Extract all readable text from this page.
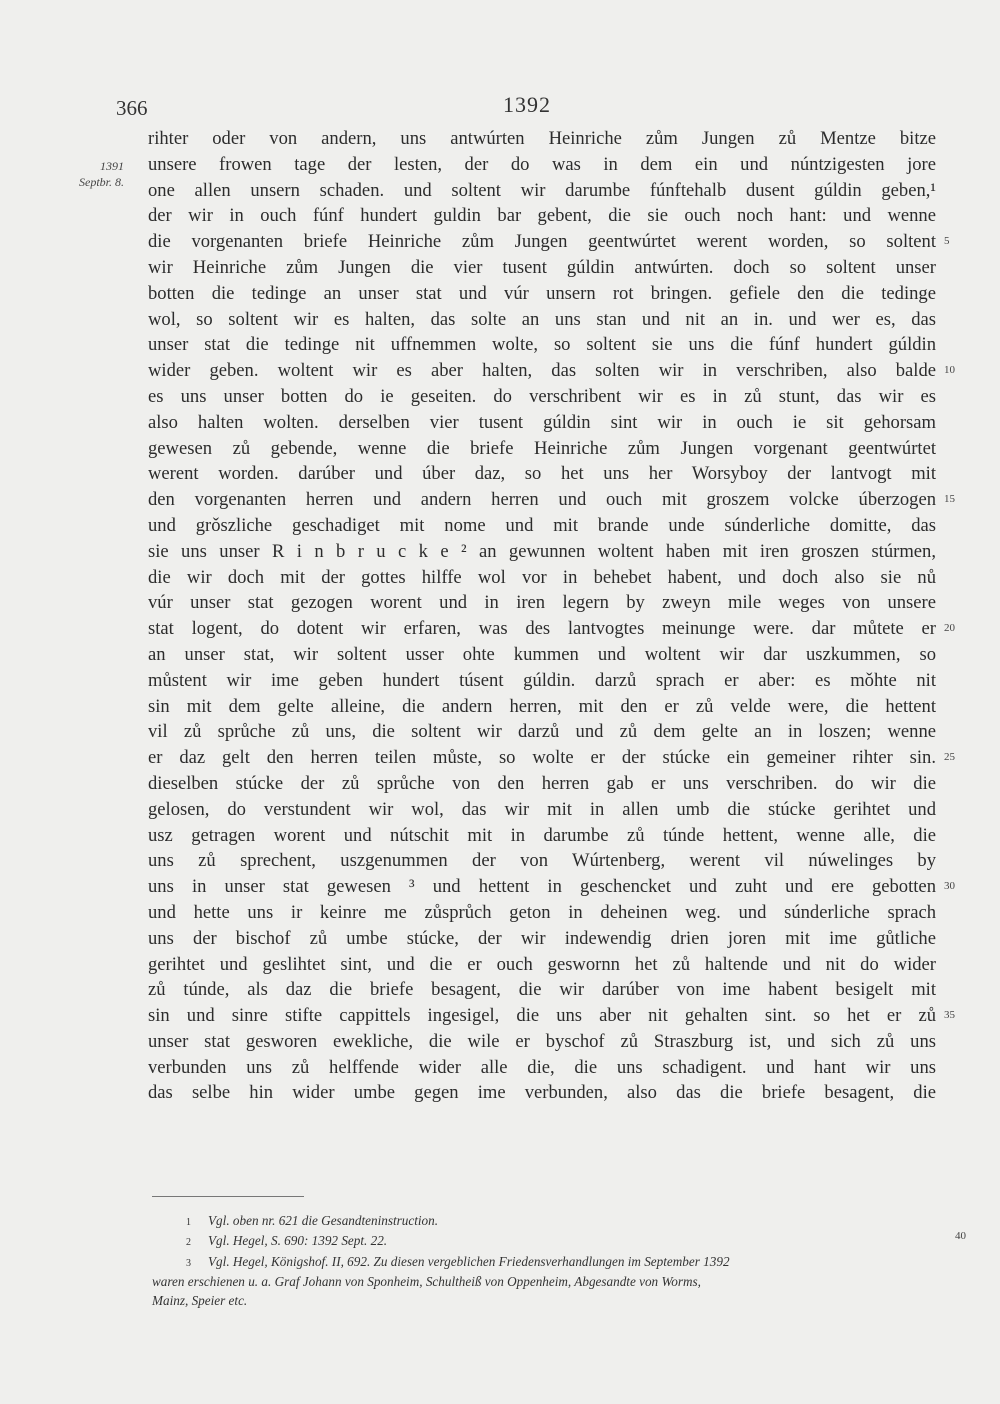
366	1392
1391
Septbr. 8.
rihter oder von andern, uns antwúrten Heinriche zům Jungen zů Mentze bitze
unsere frowen tage der lesten, der do was in dem ein und núntzigesten jore
one allen unsern schaden. und soltent wir darumbe fúnftehalb dusent gúldin geben,¹
der wir in ouch fúnf hundert guldin bar gebent, die sie ouch noch hant: und wenne
die vorgenanten briefe Heinriche zům Jungen geentwúrtet werent worden, so soltent
wir Heinriche zům Jungen die vier tusent gúldin antwúrten. doch so soltent unser
botten die tedinge an unser stat und vúr unsern rot bringen. gefiele den die tedinge
wol, so soltent wir es halten, das solte an uns stan und nit an in. und wer es, das
unser stat die tedinge nit uffnemmen wolte, so soltent sie uns die fúnf hundert gúldin
wider geben. woltent wir es aber halten, das solten wir in verschriben, also balde
es uns unser botten do ie geseiten. do verschribent wir es in zů stunt, das wir es
also halten wolten. derselben vier tusent gúldin sint wir in ouch ie sit gehorsam
gewesen zů gebende, wenne die briefe Heinriche zům Jungen vorgenant geentwúrtet
werent worden. darúber und úber daz, so het uns her Worsyboy der lantvogt mit
den vorgenanten herren und andern herren und ouch mit groszem volcke úberzogen
und grǒszliche geschadiget mit nome und mit brande unde súnderliche domitte, das
sie uns unser R i n b r u c k e ² an gewunnen woltent haben mit iren groszen stúrmen,
die wir doch mit der gottes hilffe wol vor in behebet habent, und doch also sie nů
vúr unser stat gezogen worent und in iren legern by zweyn mile weges von unsere
stat logent, do dotent wir erfaren, was des lantvogtes meinunge were. dar můtete er
an unser stat, wir soltent usser ohte kummen und woltent wir dar uszkummen, so
můstent wir ime geben hundert túsent gúldin. darzů sprach er aber: es mǒhte nit
sin mit dem gelte alleine, die andern herren, mit den er zů velde were, die hettent
vil zů sprůche zů uns, die soltent wir darzů und zů dem gelte an in loszen; wenne
er daz gelt den herren teilen můste, so wolte er der stúcke ein gemeiner rihter sin.
dieselben stúcke der zů sprůche von den herren gab er uns verschriben. do wir die
gelosen, do verstundent wir wol, das wir mit in allen umb die stúcke gerihtet und
usz getragen worent und nútschit mit in darumbe zů túnde hettent, wenne alle, die
uns zů sprechent, uszgenummen der von Wúrtenberg, werent vil núwelinges by
uns in unser stat gewesen ³ und hettent in geschencket und zuht und ere gebotten
und hette uns ir keinre me zůsprůch geton in deheinen weg. und súnderliche sprach
uns der bischof zů umbe stúcke, der wir indewendig drien joren mit ime gůtliche
gerihtet und geslihtet sint, und die er ouch geswornn het zů haltende und nit do wider
zů túnde, als daz die briefe besagent, die wir darúber von ime habent besigelt mit
sin und sinre stifte cappittels ingesigel, die uns aber nit gehalten sint. so het er zů
unser stat gesworen ewekliche, die wile er byschof zů Straszburg ist, und sich zů uns
verbunden uns zů helffende wider alle die, die uns schadigent. und hant wir uns
das selbe hin wider umbe gegen ime verbunden, also das die briefe besagent, die
5
10
15
20
25
30
35
1 Vgl. oben nr. 621 die Gesandteninstruction.
2 Vgl. Hegel, S. 690: 1392 Sept. 22.
3 Vgl. Hegel, Königshof. II, 692. Zu diesen vergeblichen Friedensverhandlungen im September 1392
waren erschienen u. a. Graf Johann von Sponheim, Schultheiß von Oppenheim, Abgesandte von Worms,
Mainz, Speier etc.
40
